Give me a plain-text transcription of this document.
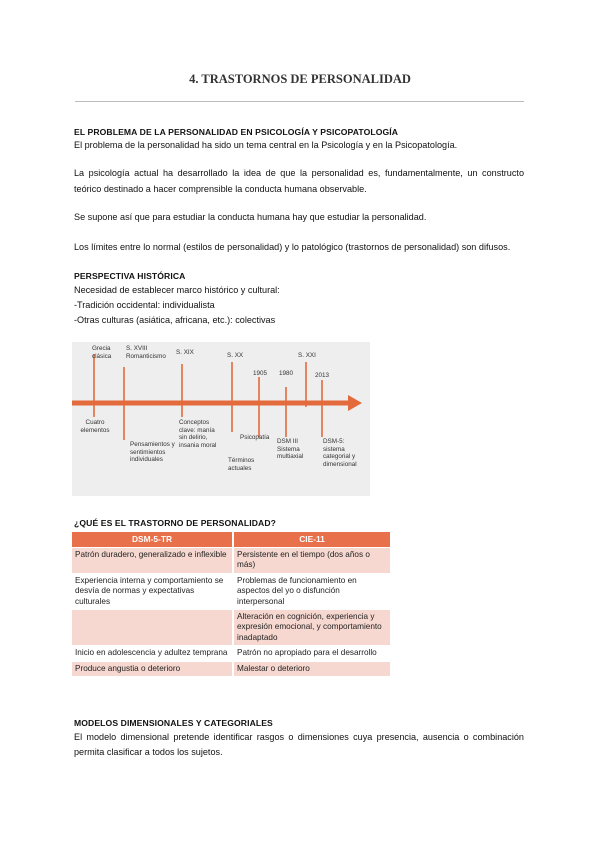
4. TRASTORNOS DE PERSONALIDAD
EL PROBLEMA DE LA PERSONALIDAD EN PSICOLOGÍA Y PSICOPATOLOGÍA
El problema de la personalidad ha sido un tema central en la Psicología y en la Psicopatología.
La psicología actual ha desarrollado la idea de que la personalidad es, fundamentalmente, un constructo teórico destinado a hacer comprensible la conducta humana observable.
Se supone así que para estudiar la conducta humana hay que estudiar la personalidad.
Los límites entre lo normal (estilos de personalidad) y lo patológico (trastornos de personalidad) son difusos.
PERSPECTIVA HISTÓRICA
Necesidad de establecer marco histórico y cultural:
-Tradición occidental: individualista
-Otras culturas (asiática, africana, etc.): colectivas
Grecia clásica
S. XVIII Romanticismo
S. XIX	S. XX
1905	1980
S. XXI
2013
Cuatro elementos
Pensamientos y sentimientos individuales
Conceptos clave: manía sin delirio, insania moral
Psicopatía
Términos actuales
DSM III Sistema multiaxial
DSM-5: sistema categorial y dimensional
¿QUÉ ES EL TRASTORNO DE PERSONALIDAD?
DSM-5-TR	CIE-11
Patrón duradero, generalizado e inflexible	Persistente en el tiempo (dos años o más)
Experiencia interna y comportamiento se desvía de normas y expectativas culturales	Problemas de funcionamiento en aspectos del yo o disfunción interpersonal
	Alteración en cognición, experiencia y expresión emocional, y comportamiento inadaptado
Inicio en adolescencia y adultez temprana	Patrón no apropiado para el desarrollo
Produce angustia o deterioro	Malestar o deterioro
MODELOS DIMENSIONALES Y CATEGORIALES
El modelo dimensional pretende identificar rasgos o dimensiones cuya presencia, ausencia o combinación permita clasificar a todos los sujetos.
